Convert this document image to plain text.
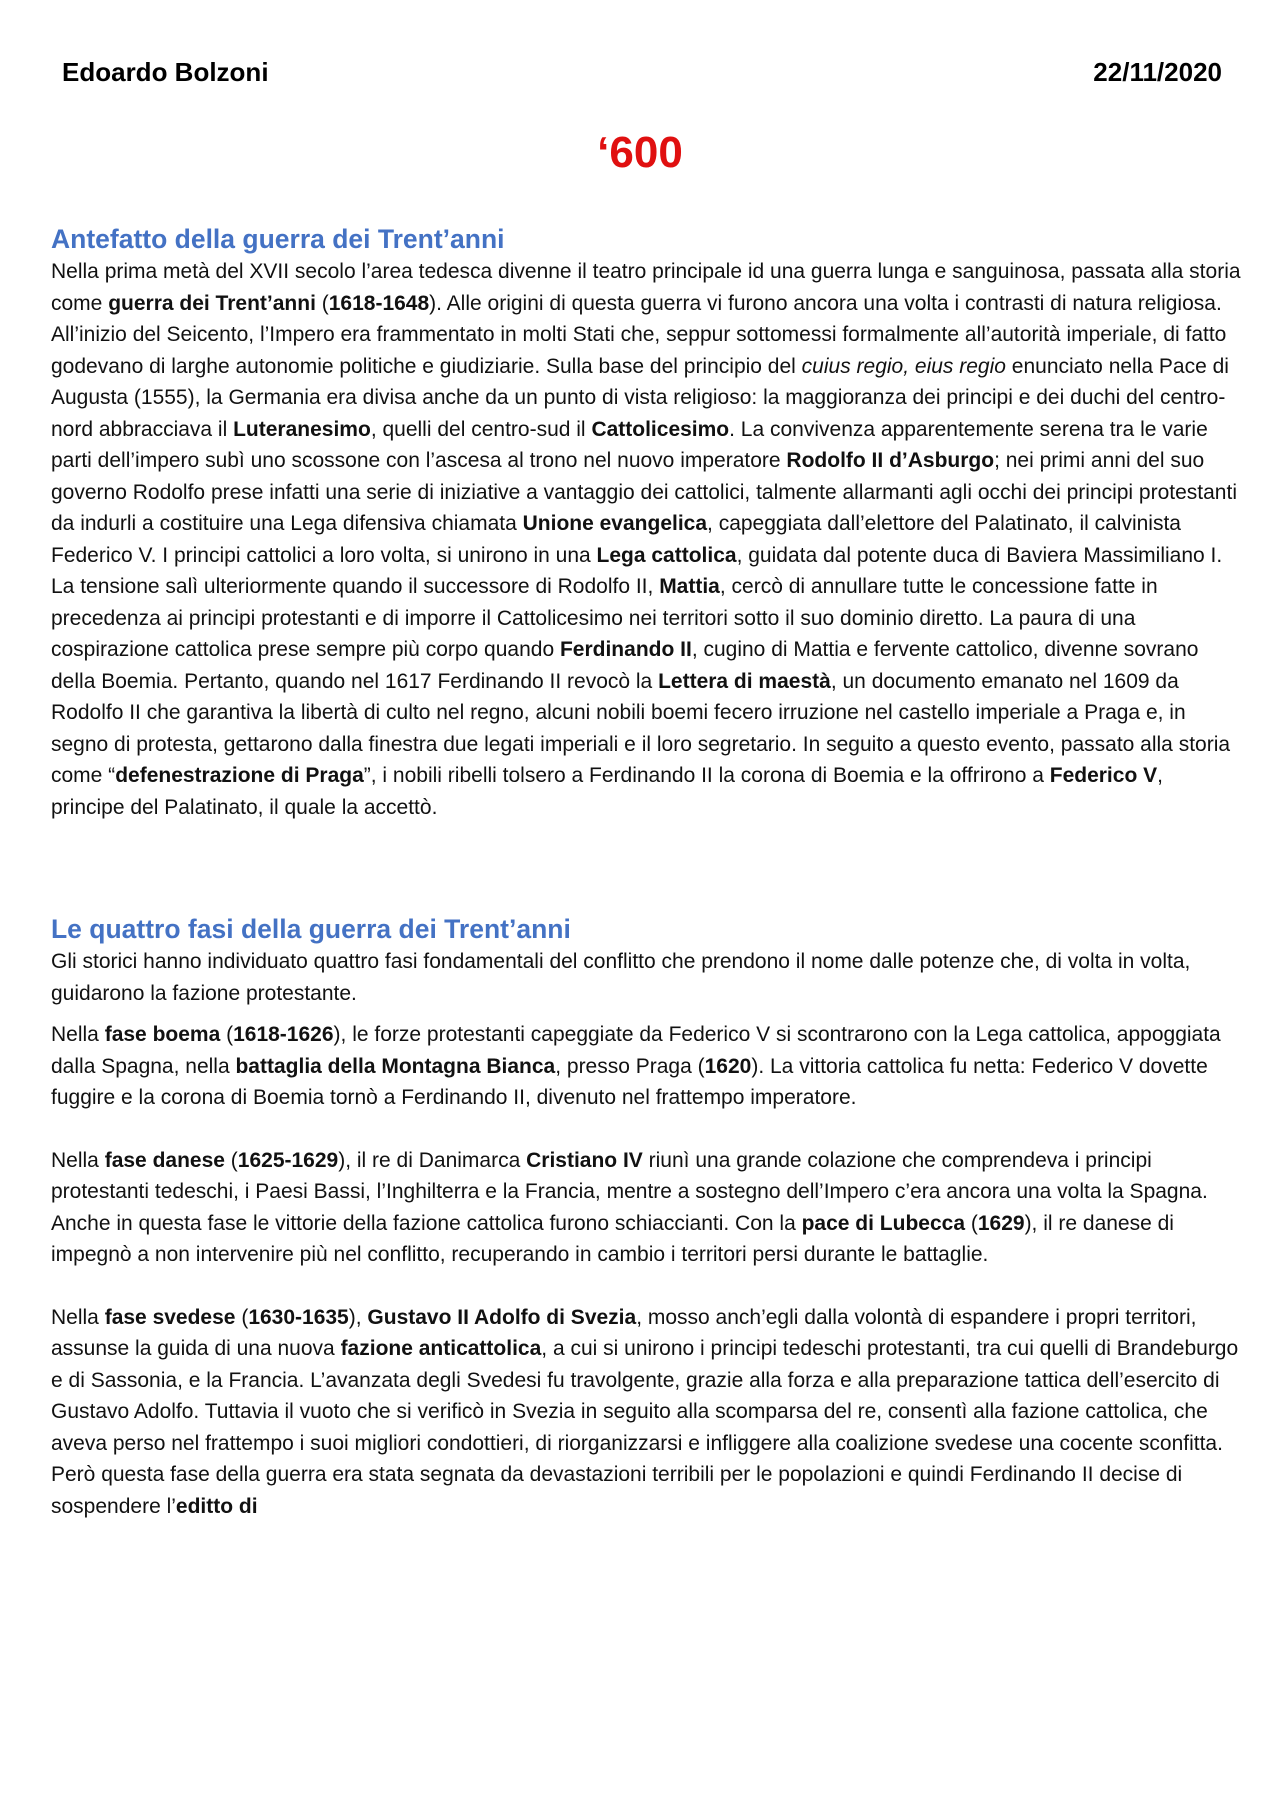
Edoardo Bolzoni	22/11/2020
‘600
Antefatto della guerra dei Trent’anni

Nella prima metà del XVII secolo l’area tedesca divenne il teatro principale id una guerra lunga e sanguinosa, passata alla storia come guerra dei Trent’anni (1618-1648). Alle origini di questa guerra vi furono ancora una volta i contrasti di natura religiosa.

All’inizio del Seicento, l’Impero era frammentato in molti Stati che, seppur sottomessi formalmente all’autorità imperiale, di fatto godevano di larghe autonomie politiche e giudiziarie. Sulla base del principio del cuius regio, eius regio enunciato nella Pace di Augusta (1555), la Germania era divisa anche da un punto di vista religioso: la maggioranza dei principi e dei duchi del centro-nord abbracciava il Luteranesimo, quelli del centro-sud il Cattolicesimo. La convivenza apparentemente serena tra le varie parti dell’impero subì uno scossone con l’ascesa al trono nel nuovo imperatore Rodolfo II d’Asburgo; nei primi anni del suo governo Rodolfo prese infatti una serie di iniziative a vantaggio dei cattolici, talmente allarmanti agli occhi dei principi protestanti da indurli a costituire una Lega difensiva chiamata Unione evangelica, capeggiata dall’elettore del Palatinato, il calvinista Federico V. I principi cattolici a loro volta, si unirono in una Lega cattolica, guidata dal potente duca di Baviera Massimiliano I.

La tensione salì ulteriormente quando il successore di Rodolfo II, Mattia, cercò di annullare tutte le concessione fatte in precedenza ai principi protestanti e di imporre il Cattolicesimo nei territori sotto il suo dominio diretto. La paura di una cospirazione cattolica prese sempre più corpo quando Ferdinando II, cugino di Mattia e fervente cattolico, divenne sovrano della Boemia. Pertanto, quando nel 1617 Ferdinando II revocò la Lettera di maestà, un documento emanato nel 1609 da Rodolfo II che garantiva la libertà di culto nel regno, alcuni nobili boemi fecero irruzione nel castello imperiale a Praga e, in segno di protesta, gettarono dalla finestra due legati imperiali e il loro segretario. In seguito a questo evento, passato alla storia come “defenestrazione di Praga”, i nobili ribelli tolsero a Ferdinando II la corona di Boemia e la offrirono a Federico V, principe del Palatinato, il quale la accettò.

Le quattro fasi della guerra dei Trent’anni

Gli storici hanno individuato quattro fasi fondamentali del conflitto che prendono il nome dalle potenze che, di volta in volta, guidarono la fazione protestante.

Nella fase boema (1618-1626), le forze protestanti capeggiate da Federico V si scontrarono con la Lega cattolica, appoggiata dalla Spagna, nella battaglia della Montagna Bianca, presso Praga (1620). La vittoria cattolica fu netta: Federico V dovette fuggire e la corona di Boemia tornò a Ferdinando II, divenuto nel frattempo imperatore.

Nella fase danese (1625-1629), il re di Danimarca Cristiano IV riunì una grande colazione che comprendeva i principi protestanti tedeschi, i Paesi Bassi, l’Inghilterra e la Francia, mentre a sostegno dell’Impero c’era ancora una volta la Spagna. Anche in questa fase le vittorie della fazione cattolica furono schiaccianti. Con la pace di Lubecca (1629), il re danese di impegnò a non intervenire più nel conflitto, recuperando in cambio i territori persi durante le battaglie.

Nella fase svedese (1630-1635), Gustavo II Adolfo di Svezia, mosso anch’egli dalla volontà di espandere i propri territori, assunse la guida di una nuova fazione anticattolica, a cui si unirono i principi tedeschi protestanti, tra cui quelli di Brandeburgo e di Sassonia, e la Francia. L’avanzata degli Svedesi fu travolgente, grazie alla forza e alla preparazione tattica dell’esercito di Gustavo Adolfo. Tuttavia il vuoto che si verificò in Svezia in seguito alla scomparsa del re, consentì alla fazione cattolica, che aveva perso nel frattempo i suoi migliori condottieri, di riorganizzarsi e infliggere alla coalizione svedese una cocente sconfitta. Però questa fase della guerra era stata segnata da devastazioni terribili per le popolazioni e quindi Ferdinando II decise di sospendere l’editto di
